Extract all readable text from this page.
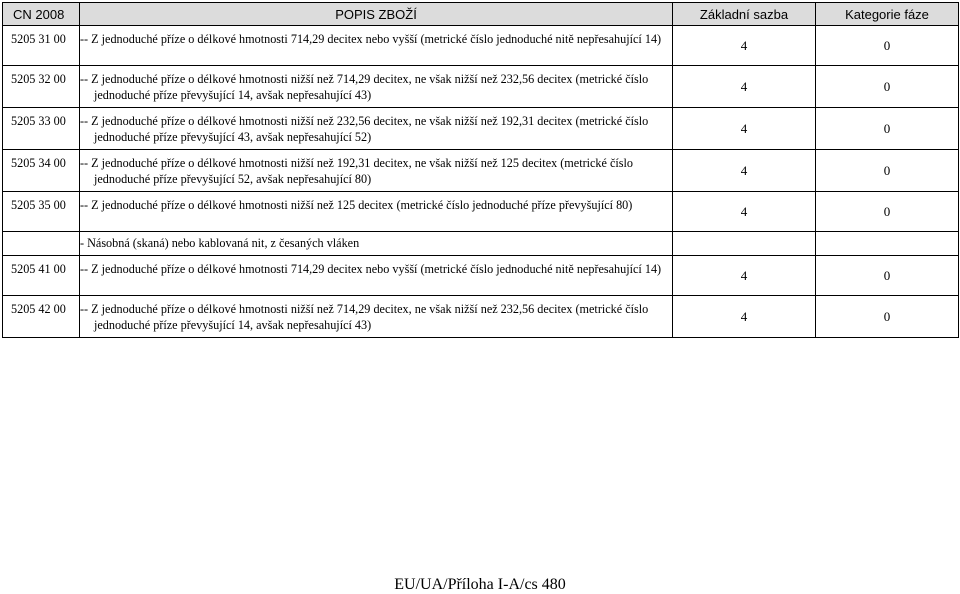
CN 2008	POPIS ZBOŽÍ	Základní sazba	Kategorie fáze
5205 31 00	-- Z jednoduché příze o délkové hmotnosti 714,29 decitex nebo vyšší (metrické číslo jednoduché nitě nepřesahující 14)	4	0
5205 32 00	-- Z jednoduché příze o délkové hmotnosti nižší než 714,29 decitex, ne však nižší než 232,56 decitex (metrické číslo jednoduché příze převyšující 14, avšak nepřesahující 43)	4	0
5205 33 00	-- Z jednoduché příze o délkové hmotnosti nižší než 232,56 decitex, ne však nižší než 192,31 decitex (metrické číslo jednoduché příze převyšující 43, avšak nepřesahující 52)	4	0
5205 34 00	-- Z jednoduché příze o délkové hmotnosti nižší než 192,31 decitex, ne však nižší než 125 decitex (metrické číslo jednoduché příze převyšující 52, avšak nepřesahující 80)	4	0
5205 35 00	-- Z jednoduché příze o délkové hmotnosti nižší než 125 decitex (metrické číslo jednoduché příze převyšující 80)	4	0

	- Násobná (skaná) nebo kablovaná nit, z česaných vláken		

5205 41 00	-- Z jednoduché příze o délkové hmotnosti 714,29 decitex nebo vyšší (metrické číslo jednoduché nitě nepřesahující 14)	4	0
5205 42 00	-- Z jednoduché příze o délkové hmotnosti nižší než 714,29 decitex, ne však nižší než 232,56 decitex (metrické číslo jednoduché příze převyšující 14, avšak nepřesahující 43)	4	0
EU/UA/Příloha I-A/cs 480
